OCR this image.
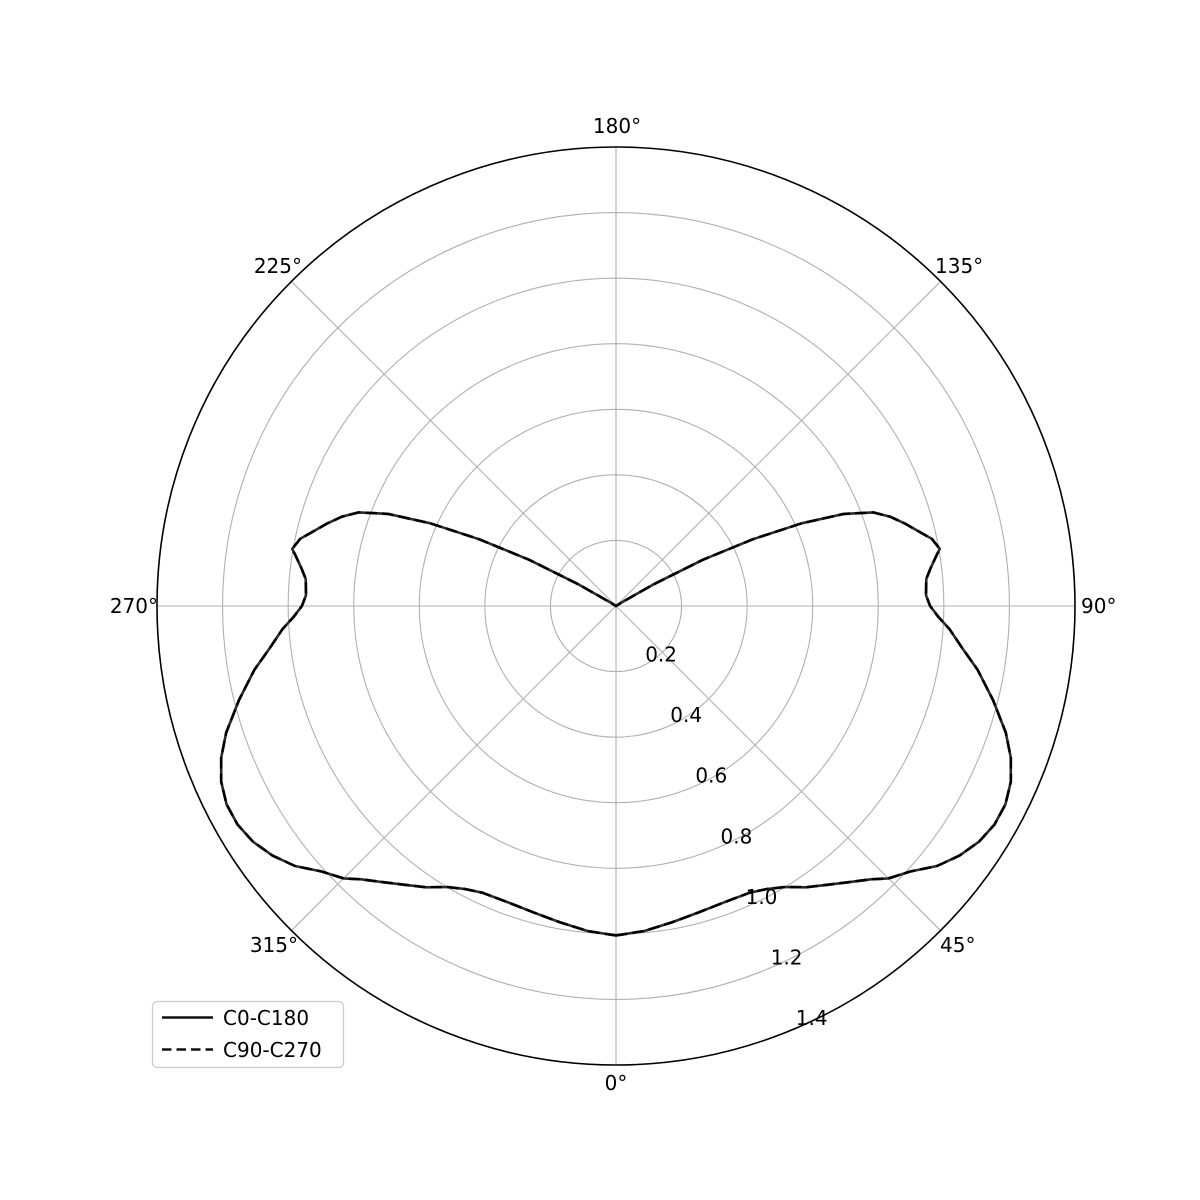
0°
45°
90°
135°
180°
225°
270°
315°
0.2
0.4
0.6
0.8
1.0
1.2
1.4
C0-C180
C90-C270
